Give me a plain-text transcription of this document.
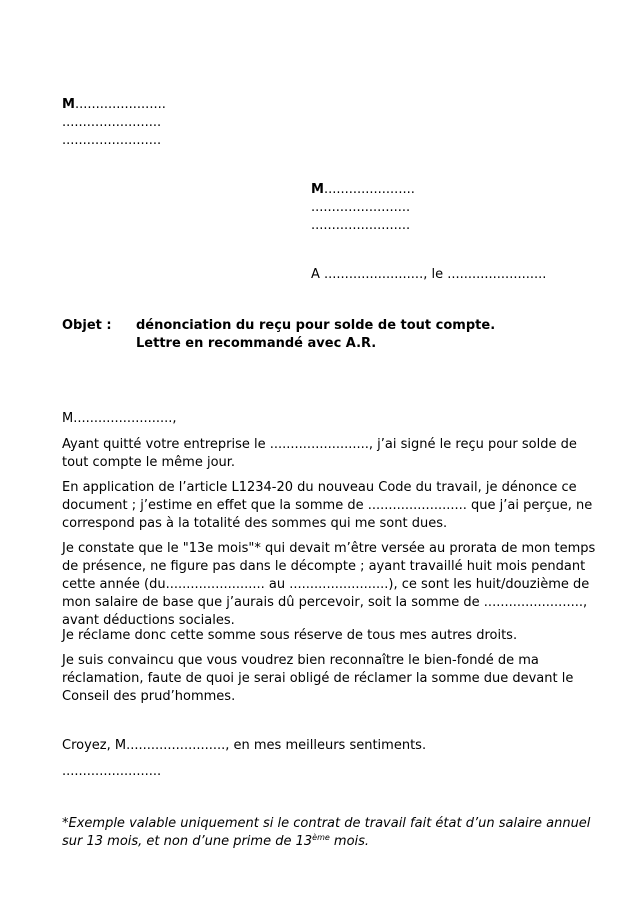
M......................
........................
........................
M......................
........................
........................
A ........................, le ........................
Objet : dénonciation du reçu pour solde de tout compte.
Lettre en recommandé avec A.R.
M........................,
Ayant quitté votre entreprise le ........................, j’ai signé le reçu pour solde de tout compte le même jour.
En application de l’article L1234-20 du nouveau Code du travail, je dénonce ce document ; j’estime en effet que la somme de ........................ que j’ai perçue, ne correspond pas à la totalité des sommes qui me sont dues.
Je constate que le "13e mois"* qui devait m’être versée au prorata de mon temps de présence, ne figure pas dans le décompte ; ayant travaillé huit mois pendant cette année (du........................ au ........................), ce sont les huit/douzième de mon salaire de base que j’aurais dû percevoir, soit la somme de ........................, avant déductions sociales.
Je réclame donc cette somme sous réserve de tous mes autres droits.
Je suis convaincu que vous voudrez bien reconnaître le bien-fondé de ma réclamation, faute de quoi je serai obligé de réclamer la somme due devant le Conseil des prud’hommes.
Croyez, M........................, en mes meilleurs sentiments.
........................
*Exemple valable uniquement si le contrat de travail fait état d’un salaire annuel sur 13 mois, et non d’une prime de 13ème mois.
